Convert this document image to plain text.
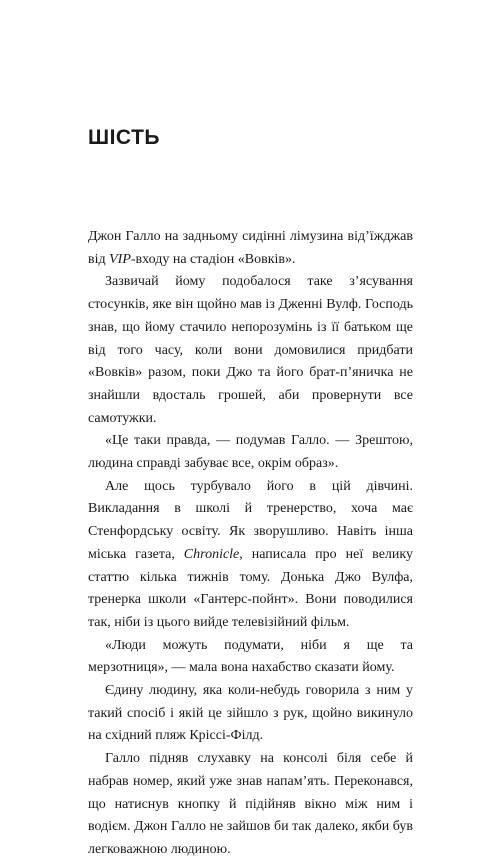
ШІСТЬ

Джон Галло на задньому сидінні лімузина від’їжджав від VIP-входу на стадіон «Вовків».

Зазвичай йому подобалося таке з’ясування стосунків, яке він щойно мав із Дженні Вулф. Господь знав, що йому стачило непорозумінь із її батьком ще від того часу, коли вони домовилися придбати «Вовків» разом, поки Джо та його брат-п’яничка не знайшли вдосталь грошей, аби провернути все самотужки.

«Це таки правда, — подумав Галло. — Зрештою, людина справді забуває все, окрім образ».

Але щось турбувало його в цій дівчині. Викладання в школі й тренерство, хоча має Стенфордську освіту. Як зворушливо. Навіть інша міська газета, Chronicle, написала про неї велику статтю кілька тижнів тому. Донька Джо Вулфа, тренерка школи «Гантерс-пойнт». Вони поводилися так, ніби із цього вийде телевізійний фільм.

«Люди можуть подумати, ніби я ще та мерзотниця», — мала вона нахабство сказати йому.

Єдину людину, яка коли-небудь говорила з ним у такий спосіб і якій це зійшло з рук, щойно викинуло на східний пляж Кріссі-Філд.

Галло підняв слухавку на консолі біля себе й набрав номер, який уже знав напам’ять. Переконався, що натиснув кнопку й підійняв вікно між ним і водієм. Джон Галло не зайшов би так далеко, якби був легковажною людиною.
